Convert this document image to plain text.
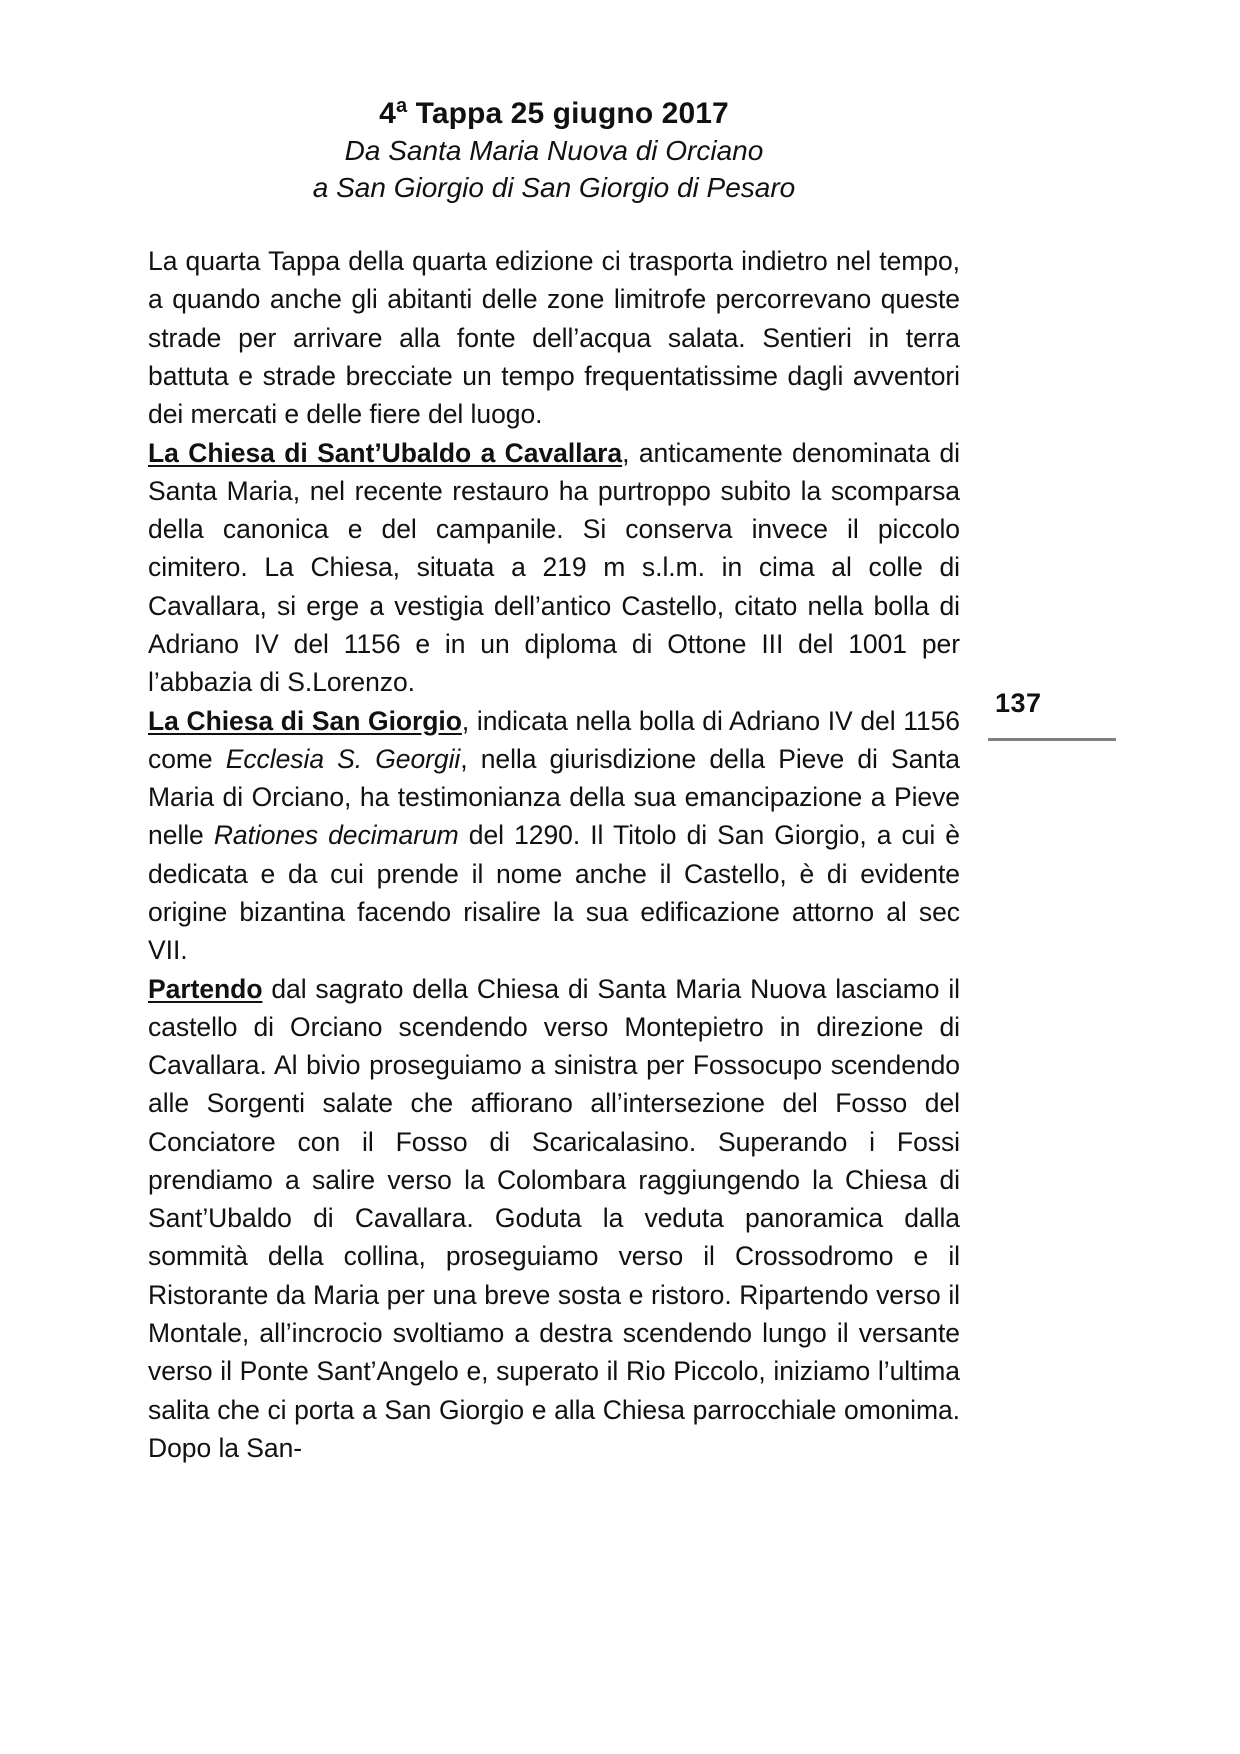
4$^a$ Tappa 25 giugno 2017
Da Santa Maria Nuova di Orciano
a San Giorgio di San Giorgio di Pesaro

La quarta Tappa della quarta edizione ci trasporta indietro nel tempo, a quando anche gli abitanti delle zone limitrofe percorrevano queste strade per arrivare alla fonte dell’acqua salata. Sentieri in terra battuta e strade brecciate un tempo frequentatissime dagli avventori dei mercati e delle fiere del luogo.

La Chiesa di Sant’Ubaldo a Cavallara, anticamente denominata di Santa Maria, nel recente restauro ha purtroppo subito la scomparsa della canonica e del campanile. Si conserva invece il piccolo cimitero. La Chiesa, situata a 219 m s.l.m. in cima al colle di Cavallara, si erge a vestigia dell’antico Castello, citato nella bolla di Adriano IV del 1156 e in un diploma di Ottone III del 1001 per l’abbazia di S.Lorenzo.

La Chiesa di San Giorgio, indicata nella bolla di Adriano IV del 1156 come Ecclesia S. Georgii, nella giurisdizione della Pieve di Santa Maria di Orciano, ha testimonianza della sua emancipazione a Pieve nelle Rationes decimarum del 1290. Il Titolo di San Giorgio, a cui è dedicata e da cui prende il nome anche il Castello, è di evidente origine bizantina facendo risalire la sua edificazione attorno al sec VII.

Partendo dal sagrato della Chiesa di Santa Maria Nuova lasciamo il castello di Orciano scendendo verso Montepietro in direzione di Cavallara. Al bivio proseguiamo a sinistra per Fossocupo scendendo alle Sorgenti salate che affiorano all’intersezione del Fosso del Conciatore con il Fosso di Scaricalasino. Superando i Fossi prendiamo a salire verso la Colombara raggiungendo la Chiesa di Sant’Ubaldo di Cavallara. Goduta la veduta panoramica dalla sommità della collina, proseguiamo verso il Crossodromo e il Ristorante da Maria per una breve sosta e ristoro. Ripartendo verso il Montale, all’incrocio svoltiamo a destra scendendo lungo il versante verso il Ponte Sant’Angelo e, superato il Rio Piccolo, iniziamo l’ultima salita che ci porta a San Giorgio e alla Chiesa parrocchiale omonima. Dopo la San-

137
